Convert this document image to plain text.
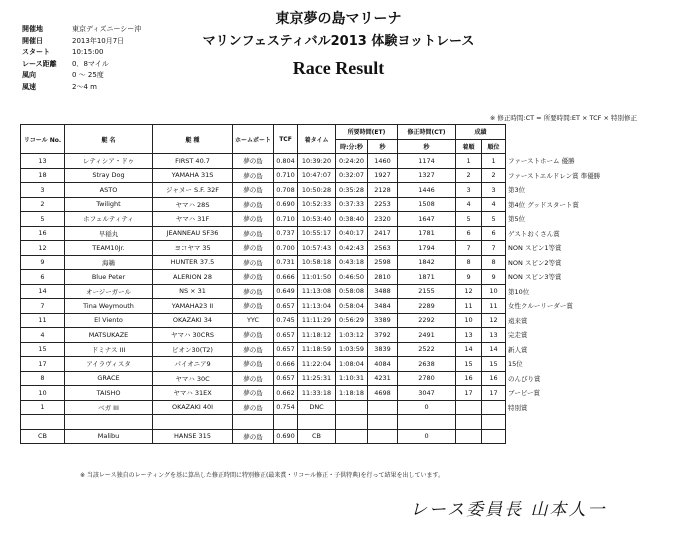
開催地	東京ディズニーシー沖
開催日	2013年10月7日
スタート	10:15:00
レース距離	0．8マイル
風向	0 ～ 25度
風速	2～4 m
東京夢の島マリーナ
マリンフェスティバル2013 体験ヨットレース
Race Result
※ 修正時間:CT = 所要時間:ET × TCF × 特別修正
リコール No.	艇 名	艇 種	ホームポート	TCF	着タイム	所要時間(ET)		修正時間(CT)	成績		
						時:分:秒	秒	秒	着順	順位	
13	レティシア・ドゥ	FIRST 40.7	夢の島	0.804	10:39:20	0:24:20	1460	1174	1	1	ファーストホーム 優勝
18	Stray Dog	YAMAHA 31S	夢の島	0.710	10:47:07	0:32:07	1927	1327	2	2	ファーストエルドレン賞 準優勝
3	ASTO	ジャヌー S.F. 32F	夢の島	0.708	10:50:28	0:35:28	2128	1446	3	3	第3位
2	Twilight	ヤマハ 28S	夢の島	0.690	10:52:33	0:37:33	2253	1508	4	4	第4位 グッドスタート賞
5	ホフェルティティ	ヤマハ 31F	夢の島	0.710	10:53:40	0:38:40	2320	1647	5	5	第5位
16	早稲丸	JEANNEAU SF36	夢の島	0.737	10:55:17	0:40:17	2417	1781	6	6	ゲストおくさん賞
12	TEAM10Jr.	ヨコヤマ 35	夢の島	0.700	10:57:43	0:42:43	2563	1794	7	7	NON スピン1等賞
9	海鵜	HUNTER 37.5	夢の島	0.731	10:58:18	0:43:18	2598	1842	8	8	NON スピン2等賞
6	Blue Peter	ALERION 28	夢の島	0.666	11:01:50	0:46:50	2810	1871	9	9	NON スピン3等賞
14	オージーガール	NS × 31	夢の島	0.649	11:13:08	0:58:08	3488	2155	12	10	第10位
7	Tina Weymouth	YAMAHA23 II	夢の島	0.657	11:13:04	0:58:04	3484	2289	11	11	女性クルーリーダー賞
11	El Viento	OKAZAKI 34	YYC	0.745	11:11:29	0:56:29	3389	2292	10	12	遠来賞
4	MATSUKAZE	ヤマハ 30CRS	夢の島	0.657	11:18:12	1:03:12	3792	2491	13	13	完走賞
15	ドミナス III	ビオン30(T2)	夢の島	0.657	11:18:59	1:03:59	3839	2522	14	14	新人賞
17	アイラヴィスタ	パイオニア9	夢の島	0.666	11:22:04	1:08:04	4084	2638	15	15	15位
8	GRACE	ヤマハ 30C	夢の島	0.657	11:25:31	1:10:31	4231	2780	16	16	のんびり賞
10	TAISHO	ヤマハ 31EX	夢の島	0.662	11:33:18	1:18:18	4698	3047	17	17	ブービー賞
1	ベガ III	OKAZAKI 40I	夢の島	0.754	DNC			0			特別賞

CB	Malibu	HANSE 315	夢の島	0.690	CB			0			
※ 当該レース独自のレーティングを基に算出した修正時間に特別修正(最来賞・リコール修正・子供特典)を行って結果を出しています。
レース委員長 山本人一
